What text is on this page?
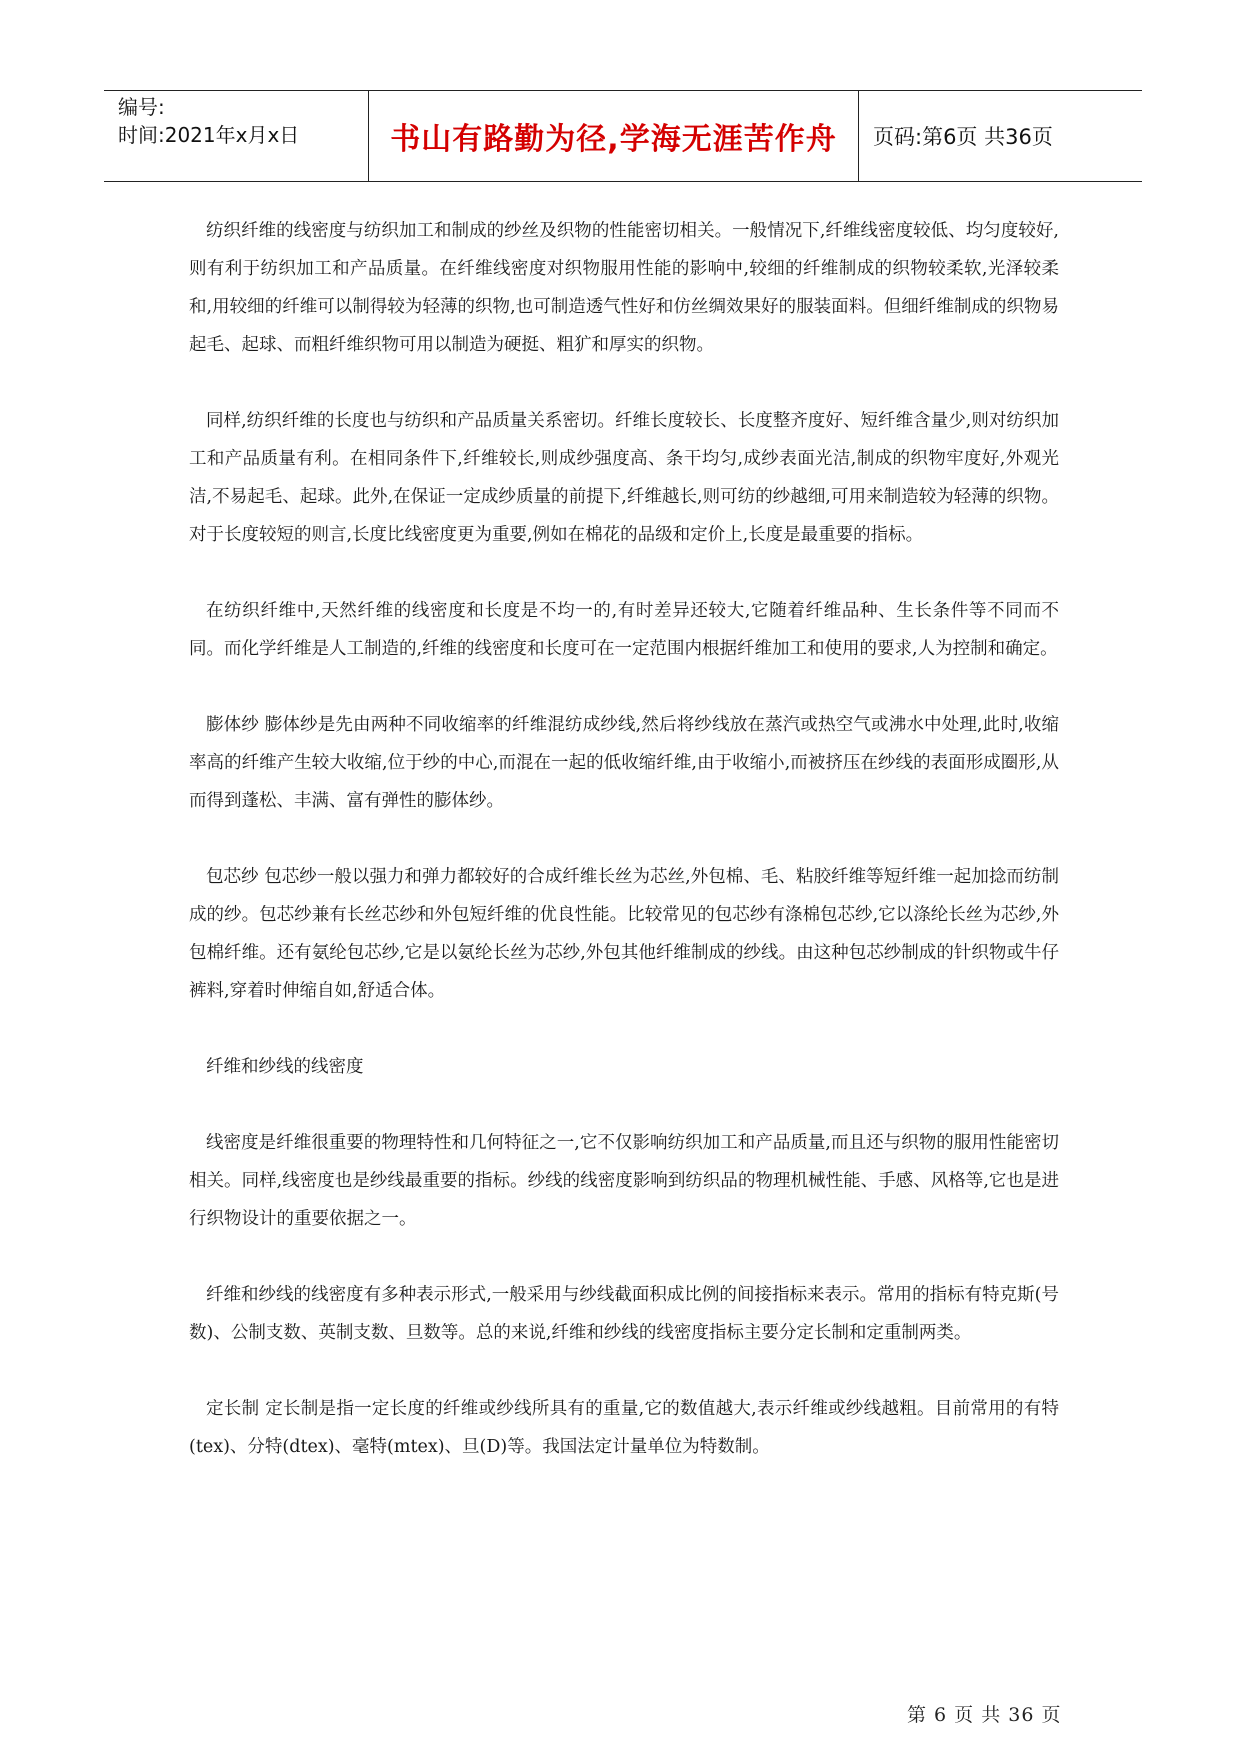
编号:
时间:2021年x月x日	书山有路勤为径,学海无涯苦作舟	页码:第6页 共36页

纺织纤维的线密度与纺织加工和制成的纱丝及织物的性能密切相关。一般情况下,纤维线密度较低、均匀度较好,则有利于纺织加工和产品质量。在纤维线密度对织物服用性能的影响中,较细的纤维制成的织物较柔软,光泽较柔和,用较细的纤维可以制得较为轻薄的织物,也可制造透气性好和仿丝绸效果好的服装面料。但细纤维制成的织物易起毛、起球、而粗纤维织物可用以制造为硬挺、粗犷和厚实的织物。

同样,纺织纤维的长度也与纺织和产品质量关系密切。纤维长度较长、长度整齐度好、短纤维含量少,则对纺织加工和产品质量有利。在相同条件下,纤维较长,则成纱强度高、条干均匀,成纱表面光洁,制成的织物牢度好,外观光洁,不易起毛、起球。此外,在保证一定成纱质量的前提下,纤维越长,则可纺的纱越细,可用来制造较为轻薄的织物。对于长度较短的则言,长度比线密度更为重要,例如在棉花的品级和定价上,长度是最重要的指标。

在纺织纤维中,天然纤维的线密度和长度是不均一的,有时差异还较大,它随着纤维品种、生长条件等不同而不同。而化学纤维是人工制造的,纤维的线密度和长度可在一定范围内根据纤维加工和使用的要求,人为控制和确定。

膨体纱 膨体纱是先由两种不同收缩率的纤维混纺成纱线,然后将纱线放在蒸汽或热空气或沸水中处理,此时,收缩率高的纤维产生较大收缩,位于纱的中心,而混在一起的低收缩纤维,由于收缩小,而被挤压在纱线的表面形成圈形,从而得到蓬松、丰满、富有弹性的膨体纱。

包芯纱 包芯纱一般以强力和弹力都较好的合成纤维长丝为芯丝,外包棉、毛、粘胶纤维等短纤维一起加捻而纺制成的纱。包芯纱兼有长丝芯纱和外包短纤维的优良性能。比较常见的包芯纱有涤棉包芯纱,它以涤纶长丝为芯纱,外包棉纤维。还有氨纶包芯纱,它是以氨纶长丝为芯纱,外包其他纤维制成的纱线。由这种包芯纱制成的针织物或牛仔裤料,穿着时伸缩自如,舒适合体。

纤维和纱线的线密度

线密度是纤维很重要的物理特性和几何特征之一,它不仅影响纺织加工和产品质量,而且还与织物的服用性能密切相关。同样,线密度也是纱线最重要的指标。纱线的线密度影响到纺织品的物理机械性能、手感、风格等,它也是进行织物设计的重要依据之一。

纤维和纱线的线密度有多种表示形式,一般采用与纱线截面积成比例的间接指标来表示。常用的指标有特克斯(号数)、公制支数、英制支数、旦数等。总的来说,纤维和纱线的线密度指标主要分定长制和定重制两类。

定长制 定长制是指一定长度的纤维或纱线所具有的重量,它的数值越大,表示纤维或纱线越粗。目前常用的有特(tex)、分特(dtex)、毫特(mtex)、旦(D)等。我国法定计量单位为特数制。

第 6 页 共 36 页
